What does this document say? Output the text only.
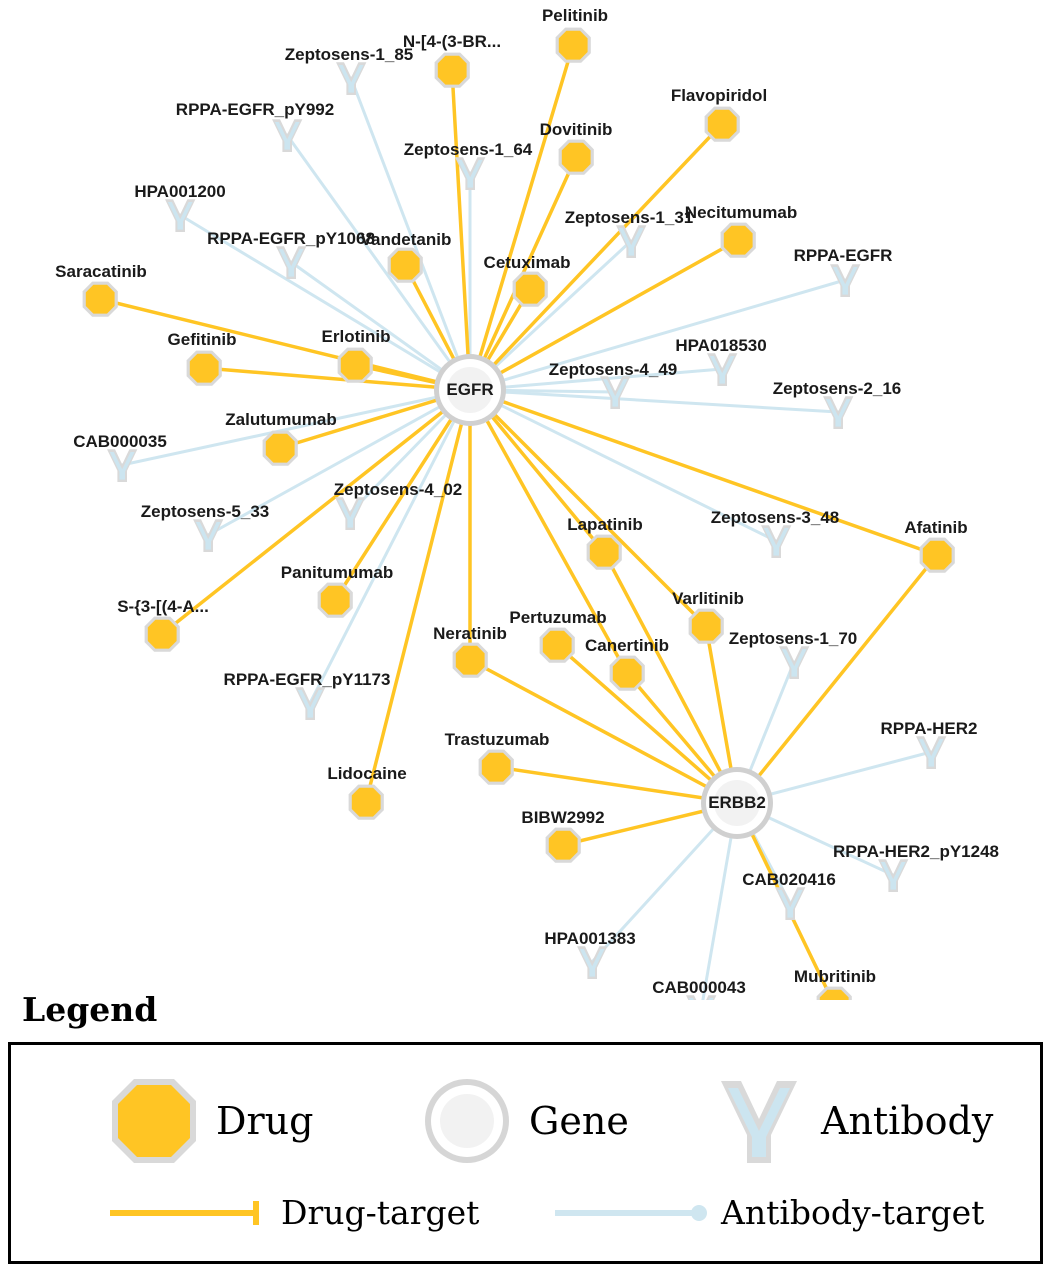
Zeptosens-1_85
RPPA-EGFR_pY992
Zeptosens-1_64
HPA001200
RPPA-EGFR_pY1068
Zeptosens-1_31
RPPA-EGFR
HPA018530
Zeptosens-4_49
Zeptosens-2_16
CAB000035
Zeptosens-5_33
Zeptosens-4_02
RPPA-EGFR_pY1173
Zeptosens-3_48
Zeptosens-1_70
RPPA-HER2
RPPA-HER2_pY1248
CAB020416
HPA001383
CAB000043
Pelitinib
N-[4-(3-BR...
Flavopiridol
Dovitinib
Vandetanib
Cetuximab
Necitumumab
Saracatinib
Gefitinib	Erlotinib
Zalutumumab
Panitumumab
S-{3-[(4-A...
Lidocaine
Lapatinib
Varlitinib
Afatinib
Neratinib
Pertuzumab
Canertinib
Trastuzumab
BIBW2992
Mubritinib
EGFR
ERBB2
Legend
Drug	Gene	Antibody
Drug-target	Antibody-target
